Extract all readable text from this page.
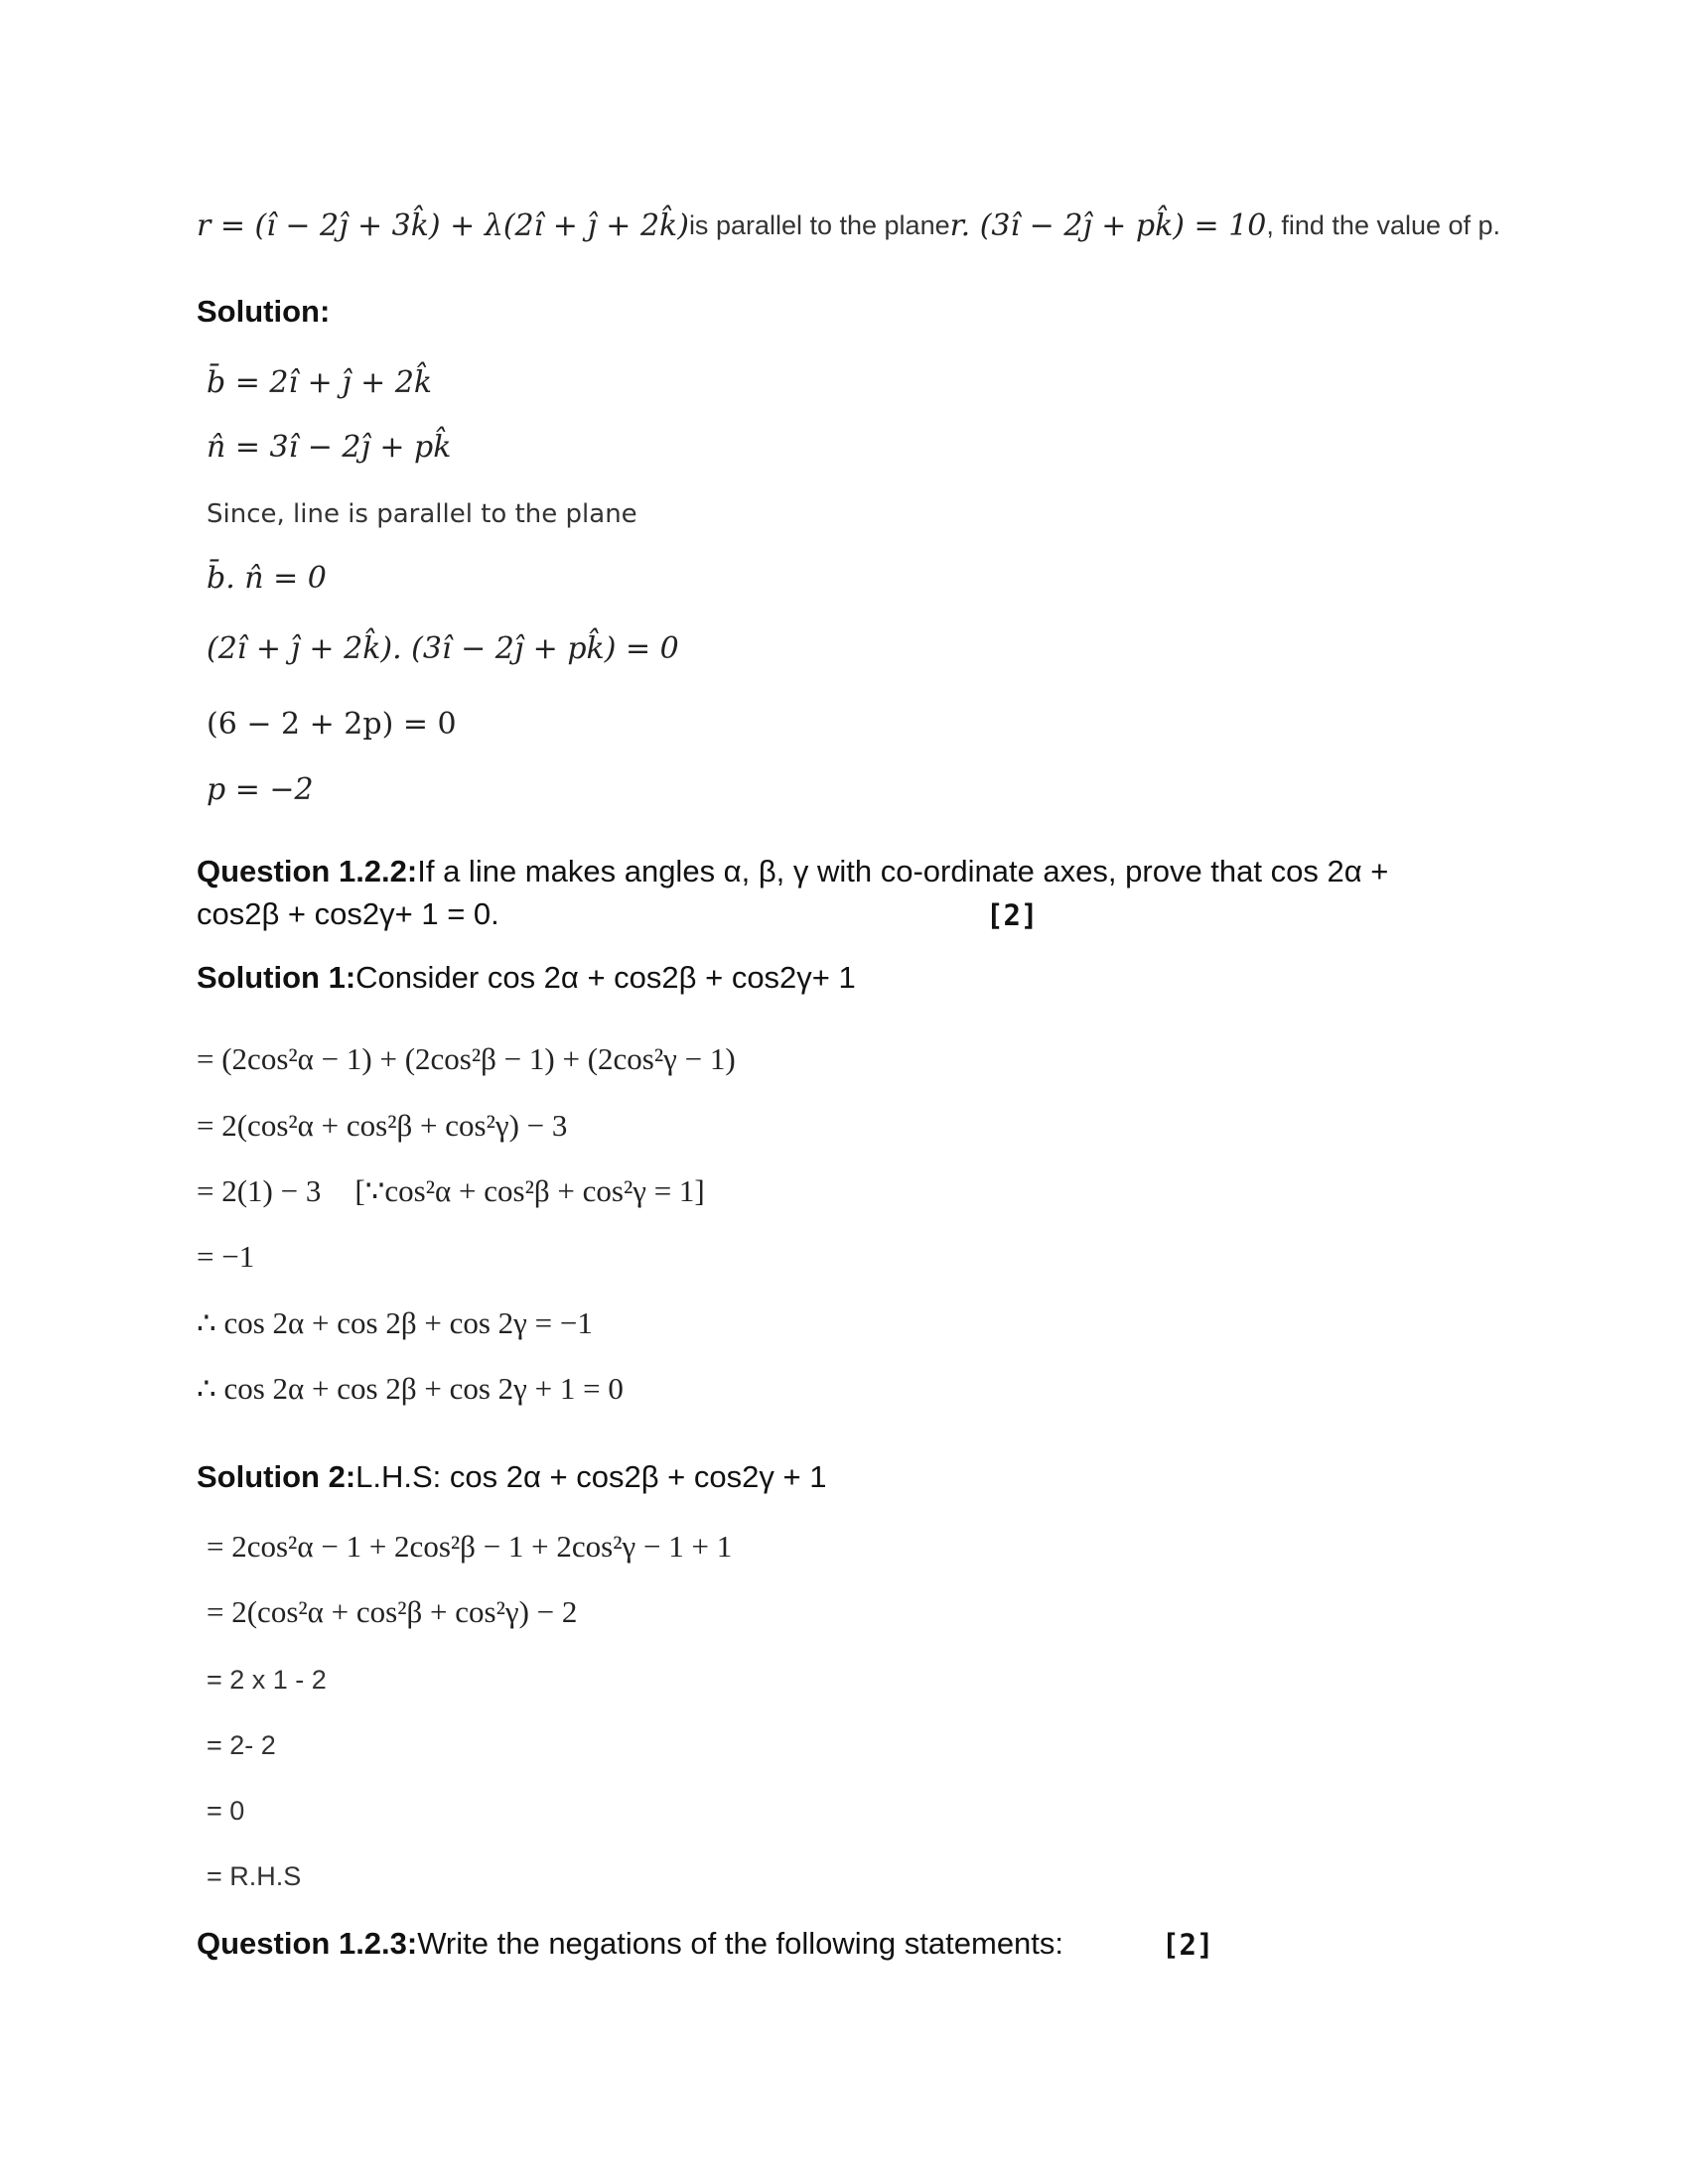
r = (î − 2ĵ + 3k̂) + λ(2î + ĵ + 2k̂) is parallel to the plane r. (3î − 2ĵ + pk̂) = 10 , find the value of p.
Solution:
b̄ = 2î + ĵ + 2k̂
n̂ = 3î − 2ĵ + pk̂
Since, line is parallel to the plane
b̄. n̂ = 0
(2î + ĵ + 2k̂). (3î − 2ĵ + pk̂) = 0
(6 − 2 + 2p) = 0
p = −2
Question 1.2.2: If a line makes angles α, β, γ with co-ordinate axes, prove that cos 2α +
cos2β + cos2γ+ 1 = 0.	[2]
Solution 1: Consider cos 2α + cos2β + cos2γ+ 1
= (2cos²α − 1) + (2cos²β − 1) + (2cos²γ − 1)
= 2(cos²α + cos²β + cos²γ) − 3
= 2(1) − 3 [∵cos²α + cos²β + cos²γ = 1]
= −1
∴ cos 2α + cos 2β + cos 2γ = −1
∴ cos 2α + cos 2β + cos 2γ + 1 = 0
Solution 2: L.H.S: cos 2α + cos2β + cos2γ + 1
= 2cos²α − 1 + 2cos²β − 1 + 2cos²γ − 1 + 1
= 2(cos²α + cos²β + cos²γ) − 2
= 2 x 1 - 2
= 2- 2
= 0
= R.H.S
Question 1.2.3: Write the negations of the following statements:	[2]
